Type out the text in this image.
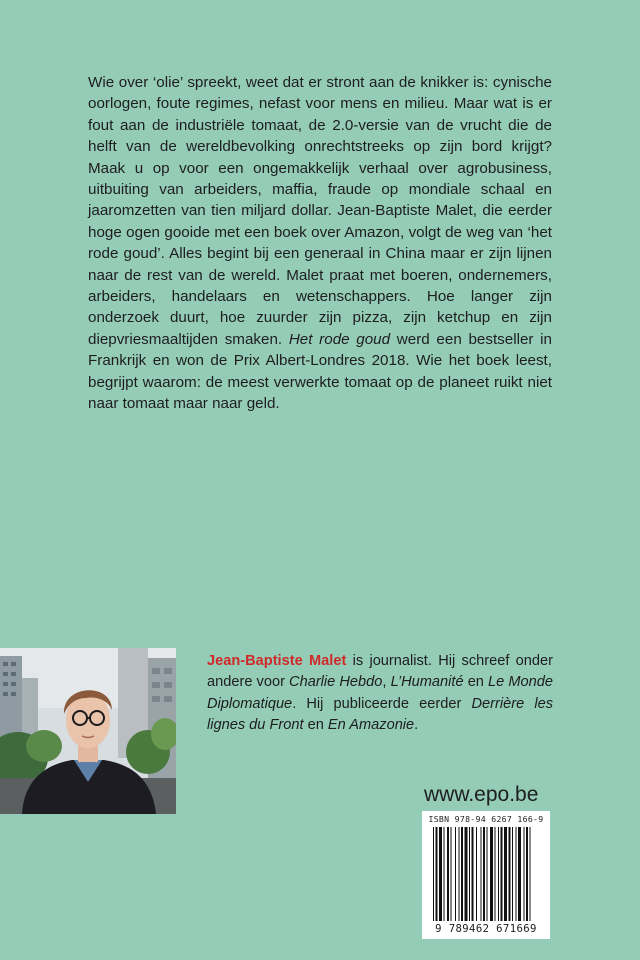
Wie over ‘olie’ spreekt, weet dat er stront aan de knikker is: cynische oorlogen, foute regimes, nefast voor mens en milieu. Maar wat is er fout aan de industriële tomaat, de 2.0-versie van de vrucht die de helft van de wereldbevolking onrechtstreeks op zijn bord krijgt? Maak u op voor een ongemakkelijk verhaal over agrobusiness, uitbuiting van arbeiders, maffia, fraude op mondiale schaal en jaaromzetten van tien miljard dollar. Jean-Baptiste Malet, die eerder hoge ogen gooide met een boek over Amazon, volgt de weg van ‘het rode goud’. Alles begint bij een generaal in China maar er zijn lijnen naar de rest van de wereld. Malet praat met boeren, ondernemers, arbeiders, handelaars en wetenschappers. Hoe langer zijn onderzoek duurt, hoe zuurder zijn pizza, zijn ketchup en zijn diepvriesmaaltijden smaken. Het rode goud werd een bestseller in Frankrijk en won de Prix Albert-Londres 2018. Wie het boek leest, begrijpt waarom: de meest verwerkte tomaat op de planeet ruikt niet naar tomaat maar naar geld.

Jean-Baptiste Malet is journalist. Hij schreef onder andere voor Charlie Hebdo, L’Humanité en Le Monde Diplomatique. Hij publiceerde eerder Derrière les lignes du Front en En Amazonie.

www.epo.be
ISBN 978-94 6267 166-9
9 789462 671669
